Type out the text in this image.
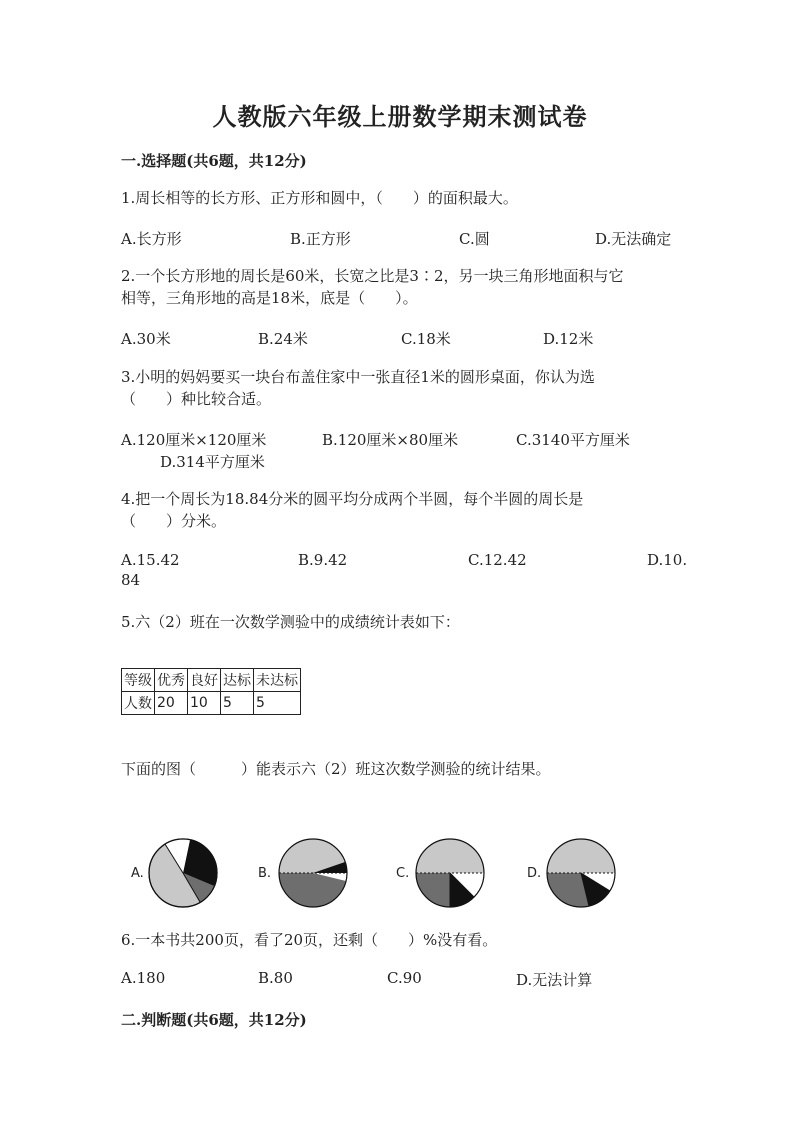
人教版六年级上册数学期末测试卷
一.选择题(共6题，共12分)
1.周长相等的长方形、正方形和圆中，（　　）的面积最大。
A.长方形	B.正方形	C.圆	D.无法确定
2.一个长方形地的周长是60米，长宽之比是3∶2，另一块三角形地面积与它
相等，三角形地的高是18米，底是（　　）。
A.30米	B.24米	C.18米	D.12米
3.小明的妈妈要买一块台布盖住家中一张直径1米的圆形桌面，你认为选
（　　）种比较合适。
A.120厘米×120厘米	B.120厘米×80厘米	C.3140平方厘米
D.314平方厘米
4.把一个周长为18.84分米的圆平均分成两个半圆，每个半圆的周长是
（　　）分米。
A.15.42	B.9.42	C.12.42	D.10.
84
5.六（2）班在一次数学测验中的成绩统计表如下：
等级	优秀	良好	达标	未达标
人数	20	10	5	5
下面的图（　　　）能表示六（2）班这次数学测验的统计结果。
A.	B.	C.	D.
6.一本书共200页，看了20页，还剩（　　）%没有看。
A.180	B.80	C.90	D.无法计算
二.判断题(共6题，共12分)
